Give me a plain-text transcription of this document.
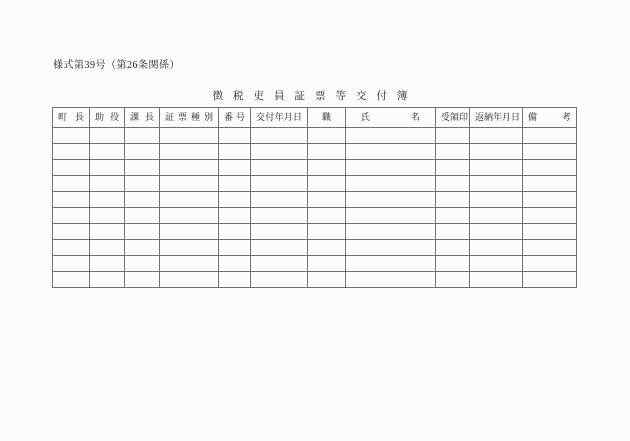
様式第39号（第26条関係）
徴税吏員証票等交付簿
町長	助役	課長	証票種別	番号	交付年月日	職	氏名	受領印	返納年月日	備考
